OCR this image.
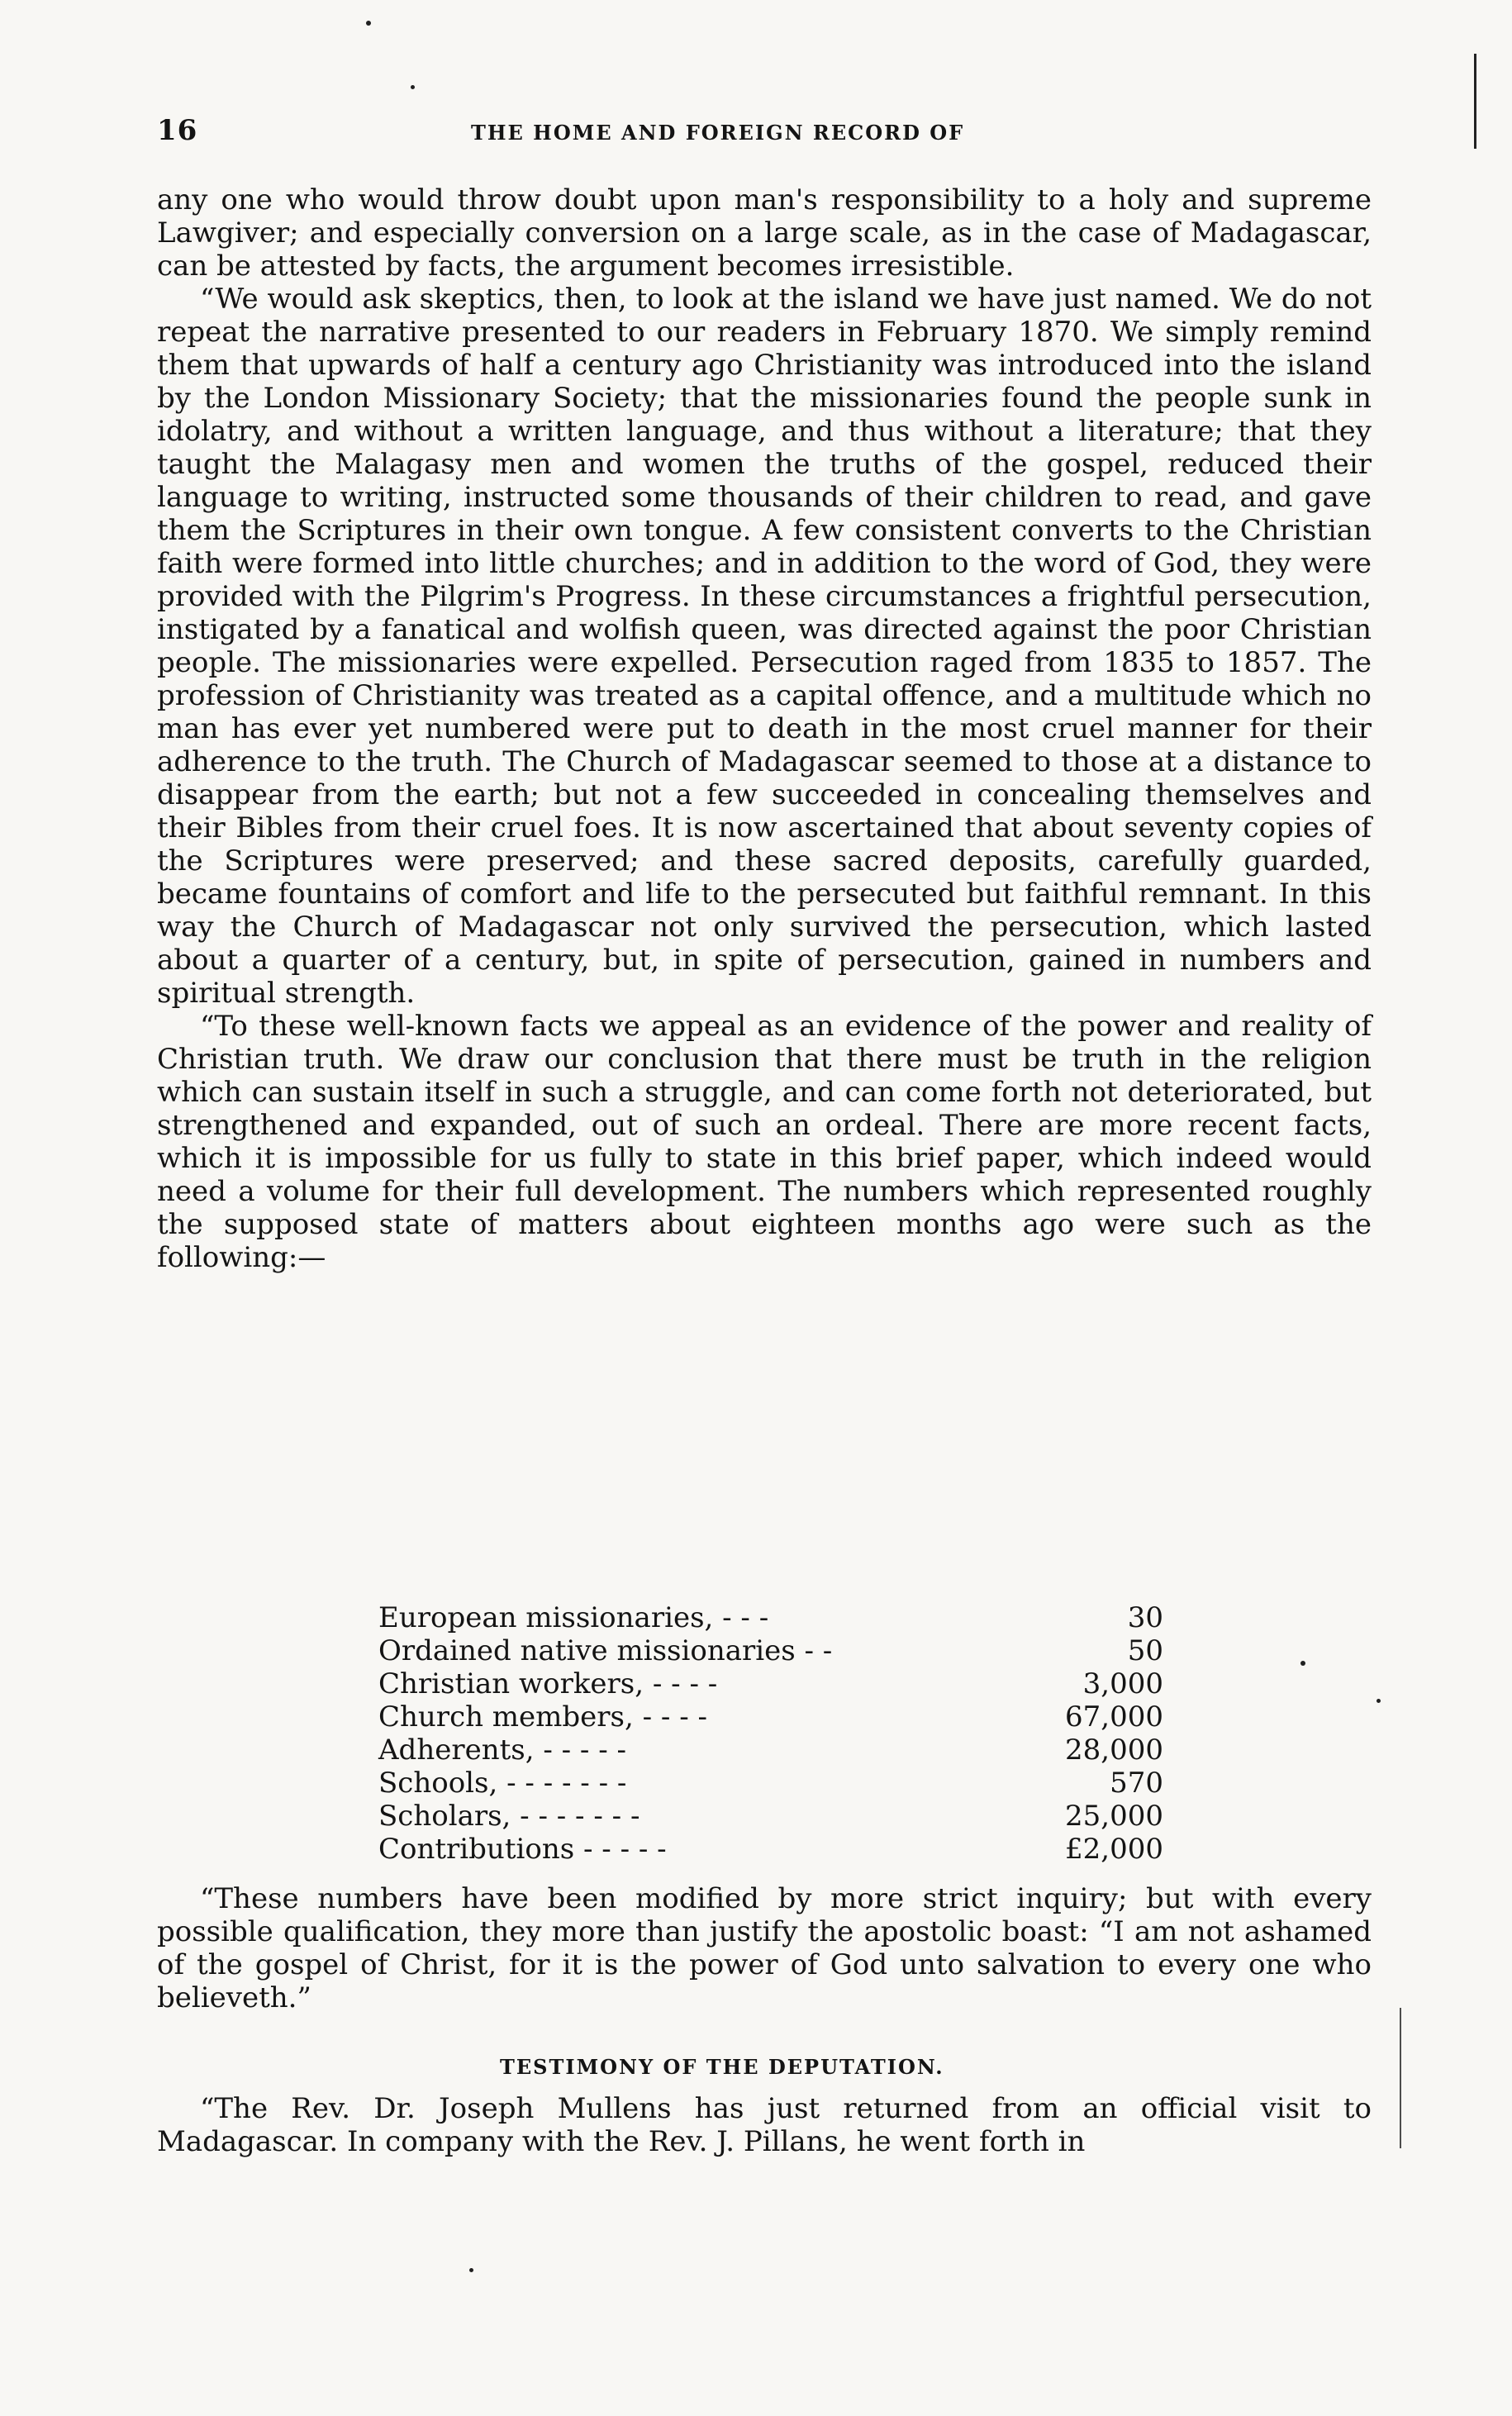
16	THE HOME AND FOREIGN RECORD OF

any one who would throw doubt upon man's responsibility to a holy and supreme Lawgiver; and especially conversion on a large scale, as in the case of Madagascar, can be attested by facts, the argument becomes irresistible.

“We would ask skeptics, then, to look at the island we have just named. We do not repeat the narrative presented to our readers in February 1870. We simply remind them that upwards of half a century ago Christianity was introduced into the island by the London Missionary Society; that the missionaries found the people sunk in idolatry, and without a written language, and thus without a literature; that they taught the Malagasy men and women the truths of the gospel, reduced their language to writing, instructed some thousands of their children to read, and gave them the Scriptures in their own tongue. A few consistent converts to the Christian faith were formed into little churches; and in addition to the word of God, they were provided with the Pilgrim's Progress. In these circumstances a frightful persecution, instigated by a fanatical and wolfish queen, was directed against the poor Christian people. The missionaries were expelled. Persecution raged from 1835 to 1857. The profession of Christianity was treated as a capital offence, and a multitude which no man has ever yet numbered were put to death in the most cruel manner for their adherence to the truth. The Church of Madagascar seemed to those at a distance to disappear from the earth; but not a few succeeded in concealing themselves and their Bibles from their cruel foes. It is now ascertained that about seventy copies of the Scriptures were preserved; and these sacred deposits, carefully guarded, became fountains of comfort and life to the persecuted but faithful remnant. In this way the Church of Madagascar not only survived the persecution, which lasted about a quarter of a century, but, in spite of persecution, gained in numbers and spiritual strength.

“To these well-known facts we appeal as an evidence of the power and reality of Christian truth. We draw our conclusion that there must be truth in the religion which can sustain itself in such a struggle, and can come forth not deteriorated, but strengthened and expanded, out of such an ordeal. There are more recent facts, which it is impossible for us fully to state in this brief paper, which indeed would need a volume for their full development. The numbers which represented roughly the supposed state of matters about eighteen months ago were such as the following:—

European missionaries, - - -	30
Ordained native missionaries - -	50
Christian workers, - - - -	3,000
Church members, - - - -	67,000
Adherents, - - - - -	28,000
Schools, - - - - - - -	570
Scholars, - - - - - - -	25,000
Contributions - - - - -	£2,000
“These numbers have been modified by more strict inquiry; but with every possible qualification, they more than justify the apostolic boast: “I am not ashamed of the gospel of Christ, for it is the power of God unto salvation to every one who believeth.”
TESTIMONY OF THE DEPUTATION.
“The Rev. Dr. Joseph Mullens has just returned from an official visit to Madagascar. In company with the Rev. J. Pillans, he went forth in
